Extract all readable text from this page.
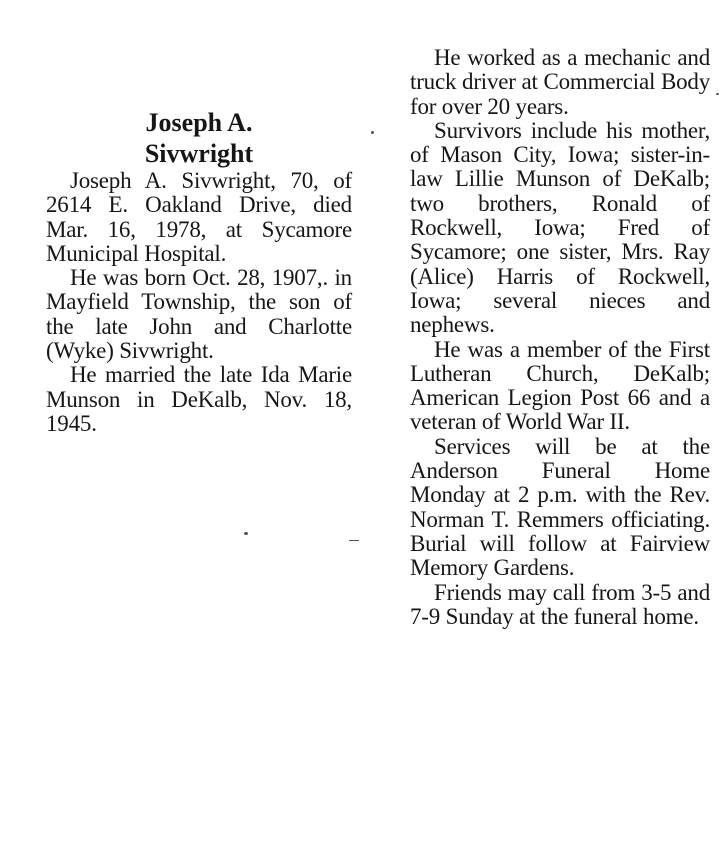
Joseph A.
Sivwright

Joseph A. Sivwright, 70, of 2614 E. Oakland Drive, died Mar. 16, 1978, at Sycamore Municipal Hospital.

He was born Oct. 28, 1907,. in Mayfield Township, the son of the late John and Charlotte (Wyke) Sivwright.

He married the late Ida Marie Munson in DeKalb, Nov. 18, 1945.

He worked as a mechanic and truck driver at Commercial Body for over 20 years.

Survivors include his mother, of Mason City, Iowa; sister-in-law Lillie Munson of DeKalb; two brothers, Ronald of Rockwell, Iowa; Fred of Sycamore; one sister, Mrs. Ray (Alice) Harris of Rockwell, Iowa; several nieces and nephews.

He was a member of the First Lutheran Church, DeKalb; American Legion Post 66 and a veteran of World War II.

Services will be at the Anderson Funeral Home Monday at 2 p.m. with the Rev. Norman T. Remmers officiating. Burial will follow at Fairview Memory Gardens.

Friends may call from 3-5 and 7-9 Sunday at the funeral home.
